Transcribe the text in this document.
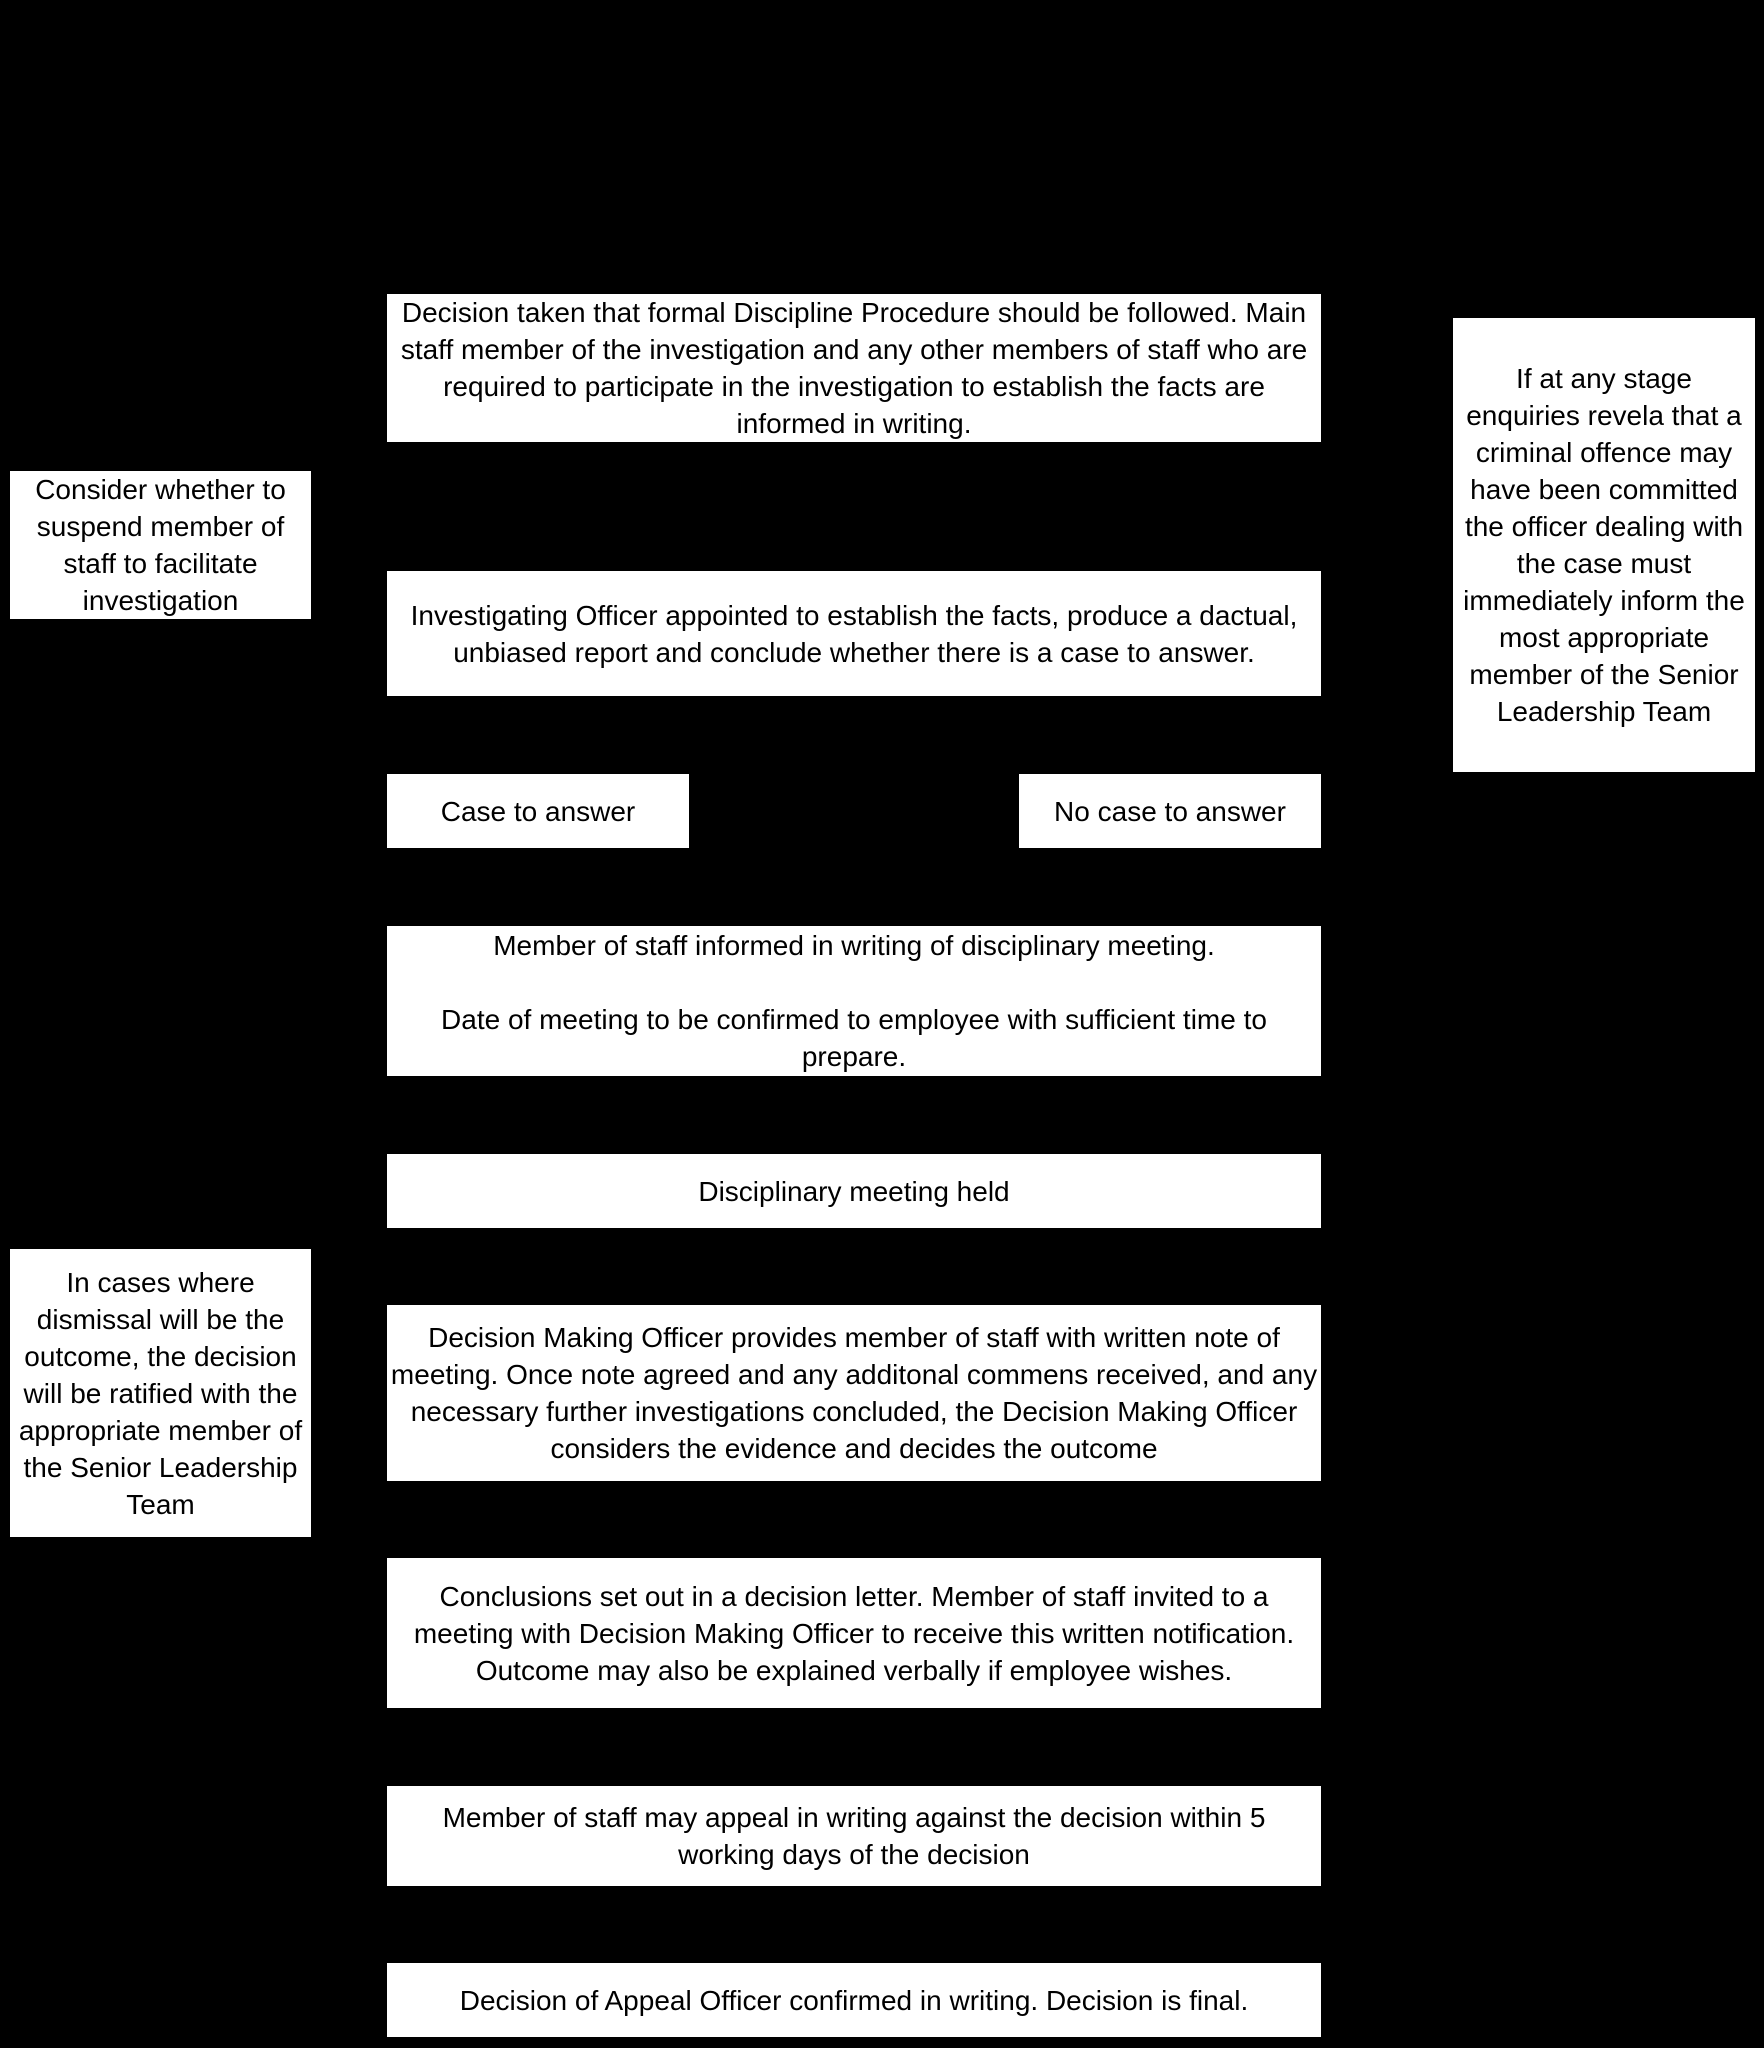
Decision taken that formal Discipline Procedure should be followed. Main staff member of the investigation and any other members of staff who are required to participate in the investigation to establish the facts are informed in writing.
Consider whether to suspend member of staff to facilitate investigation	Investigating Officer appointed to establish the facts, produce a dactual, unbiased report and conclude whether there is a case to answer.
If at any stage enquiries revela that a criminal offence may have been committed the officer dealing with the case must immediately inform the most appropriate member of the Senior Leadership Team
Case to answer	No case to answer
Member of staff informed in writing of disciplinary meeting.

Date of meeting to be confirmed to employee with sufficient time to prepare.
Disciplinary meeting held
In cases where dismissal will be the outcome, the decision will be ratified with the appropriate member of the Senior Leadership Team
Decision Making Officer provides member of staff with written note of meeting. Once note agreed and any additonal commens received, and any necessary further investigations concluded, the Decision Making Officer considers the evidence and decides the outcome
Conclusions set out in a decision letter. Member of staff invited to a meeting with Decision Making Officer to receive this written notification. Outcome may also be explained verbally if employee wishes.
Member of staff may appeal in writing against the decision within 5 working days of the decision
Decision of Appeal Officer confirmed in writing. Decision is final.
